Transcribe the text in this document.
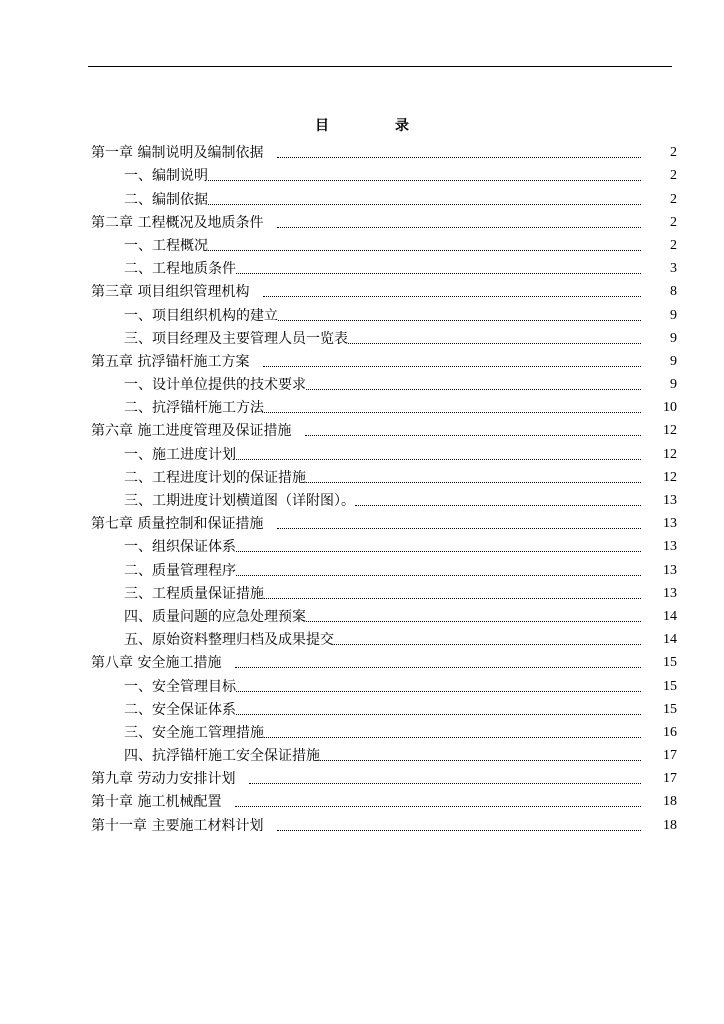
目　录
第一章 编制说明及编制依据	2
一、编制说明	2
二、编制依据	2
第二章 工程概况及地质条件	2
一、工程概况	2
二、工程地质条件	3
第三章 项目组织管理机构	8
一、项目组织机构的建立	9
三、项目经理及主要管理人员一览表	9
第五章 抗浮锚杆施工方案	9
一、设计单位提供的技术要求	9
二、抗浮锚杆施工方法	10
第六章 施工进度管理及保证措施	12
一、施工进度计划	12
二、工程进度计划的保证措施	12
三、工期进度计划横道图（详附图）。	13
第七章 质量控制和保证措施	13
一、组织保证体系	13
二、质量管理程序	13
三、工程质量保证措施	13
四、质量问题的应急处理预案	14
五、原始资料整理归档及成果提交	14
第八章 安全施工措施	15
一、安全管理目标	15
二、安全保证体系	15
三、安全施工管理措施	16
四、抗浮锚杆施工安全保证措施	17
第九章 劳动力安排计划	17
第十章 施工机械配置	18
第十一章 主要施工材料计划	18
